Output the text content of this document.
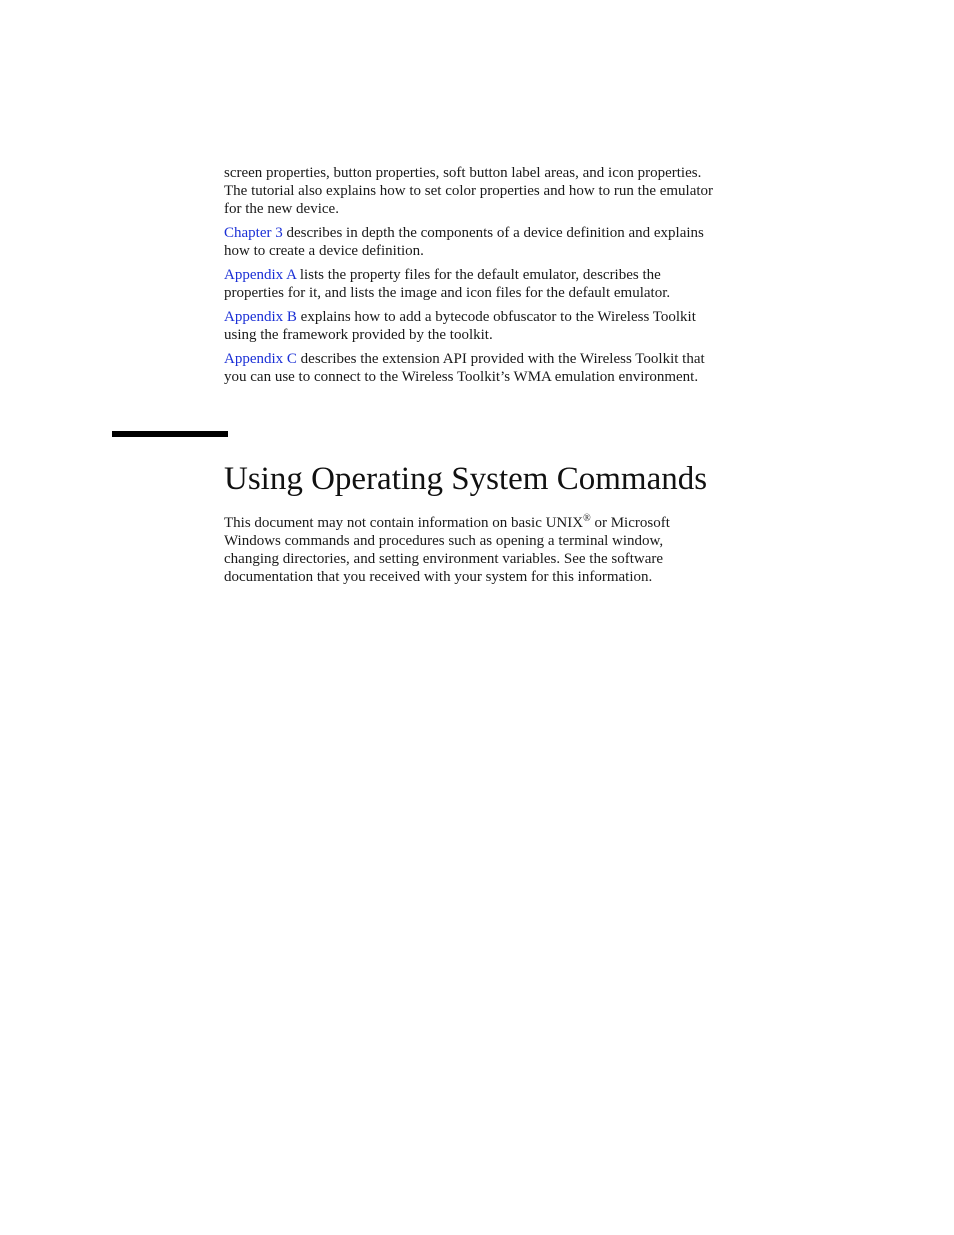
screen properties, button properties, soft button label areas, and icon properties.
The tutorial also explains how to set color properties and how to run the emulator
for the new device.

Chapter 3 describes in depth the components of a device definition and explains
how to create a device definition.

Appendix A lists the property files for the default emulator, describes the
properties for it, and lists the image and icon files for the default emulator.

Appendix B explains how to add a bytecode obfuscator to the Wireless Toolkit
using the framework provided by the toolkit.

Appendix C describes the extension API provided with the Wireless Toolkit that
you can use to connect to the Wireless Toolkit’s WMA emulation environment.

Using Operating System Commands

This document may not contain information on basic UNIX® or Microsoft
Windows commands and procedures such as opening a terminal window,
changing directories, and setting environment variables. See the software
documentation that you received with your system for this information.
